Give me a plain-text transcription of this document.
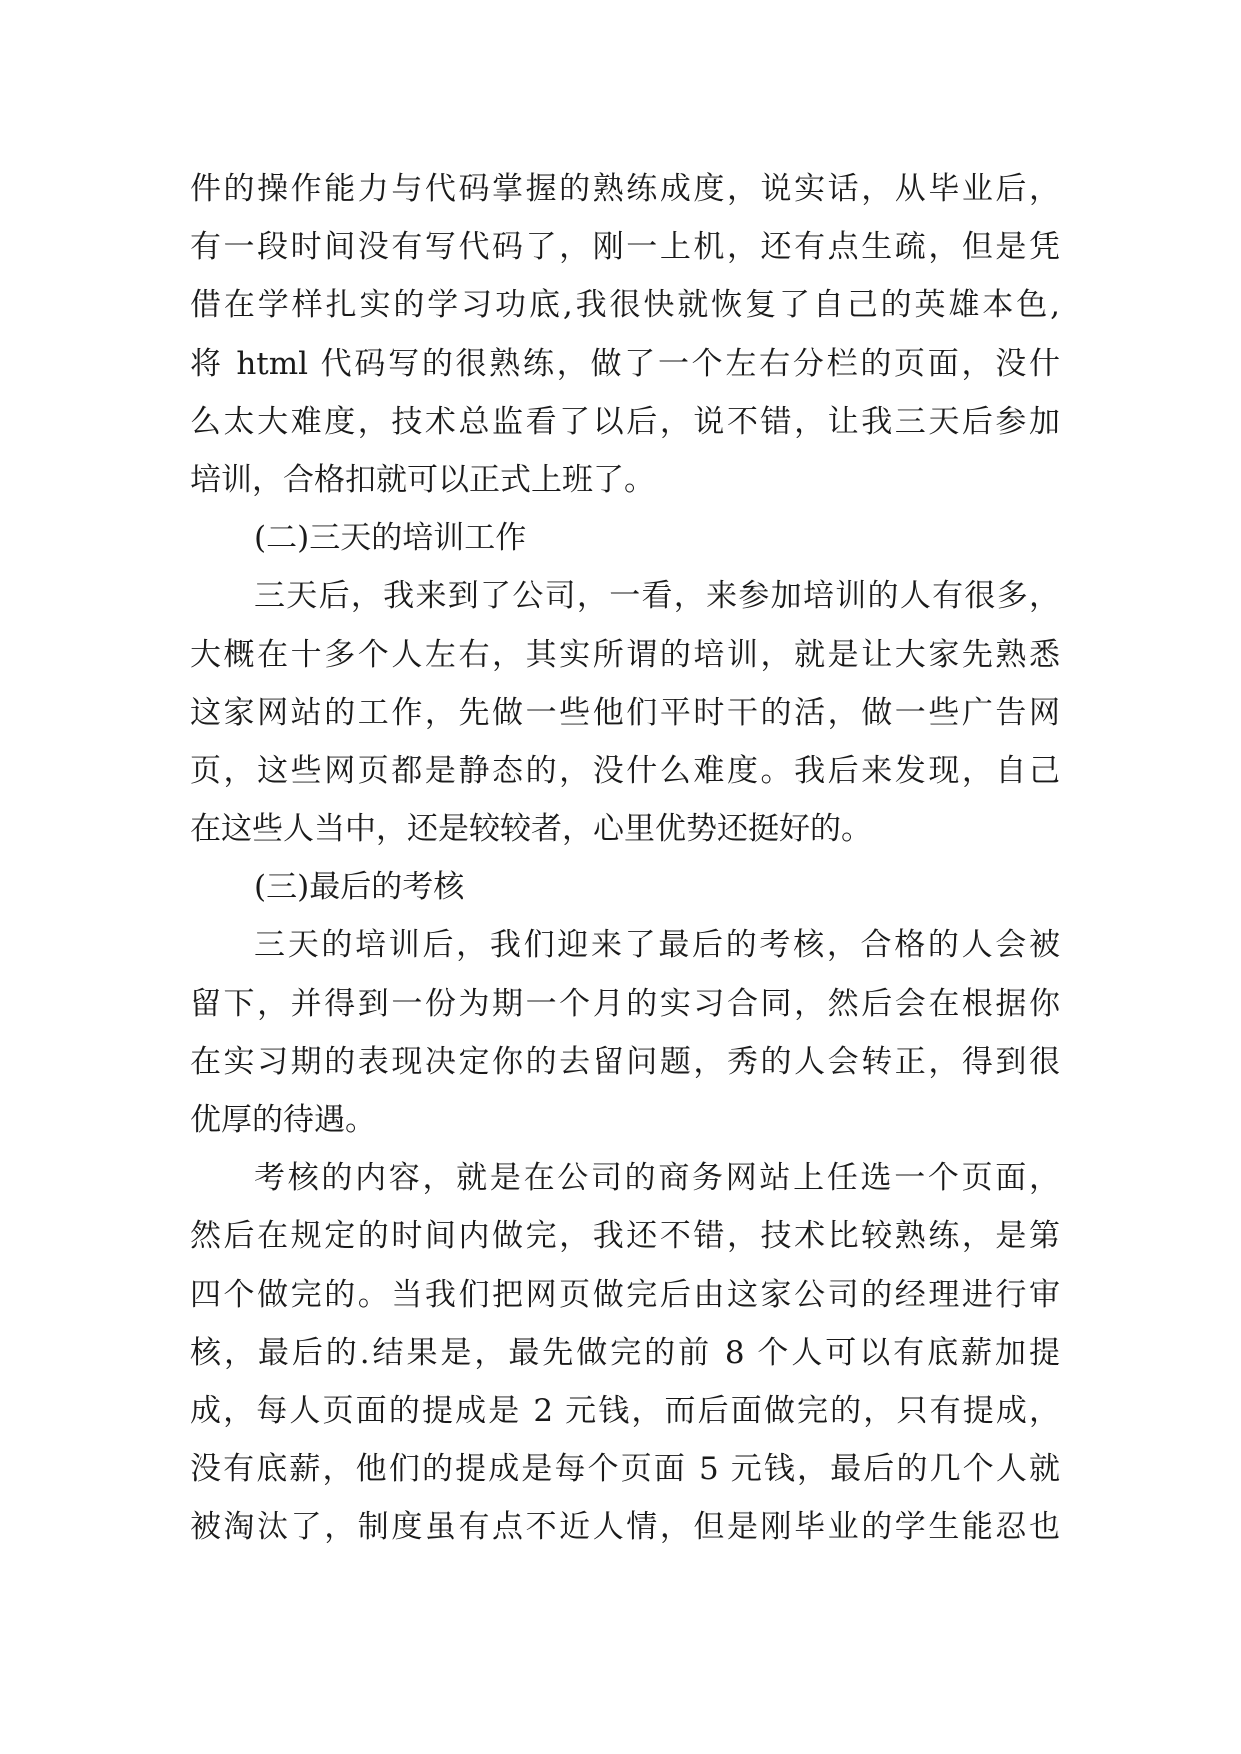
件的操作能力与代码掌握的熟练成度，说实话，从毕业后，
有一段时间没有写代码了，刚一上机，还有点生疏，但是凭
借在学样扎实的学习功底,我很快就恢复了自己的英雄本色,
将 html 代码写的很熟练，做了一个左右分栏的页面，没什
么太大难度，技术总监看了以后，说不错，让我三天后参加
培训，合格扣就可以正式上班了。
(二)三天的培训工作
三天后，我来到了公司，一看，来参加培训的人有很多，
大概在十多个人左右，其实所谓的培训，就是让大家先熟悉
这家网站的工作，先做一些他们平时干的活，做一些广告网
页，这些网页都是静态的，没什么难度。我后来发现，自己
在这些人当中，还是较较者，心里优势还挺好的。
(三)最后的考核
三天的培训后，我们迎来了最后的考核，合格的人会被
留下，并得到一份为期一个月的实习合同，然后会在根据你
在实习期的表现决定你的去留问题，秀的人会转正，得到很
优厚的待遇。
考核的内容，就是在公司的商务网站上任选一个页面，
然后在规定的时间内做完，我还不错，技术比较熟练，是第
四个做完的。当我们把网页做完后由这家公司的经理进行审
核，最后的.结果是，最先做完的前 8 个人可以有底薪加提
成，每人页面的提成是 2 元钱，而后面做完的，只有提成，
没有底薪，他们的提成是每个页面 5 元钱，最后的几个人就
被淘汰了，制度虽有点不近人情，但是刚毕业的学生能忍也
